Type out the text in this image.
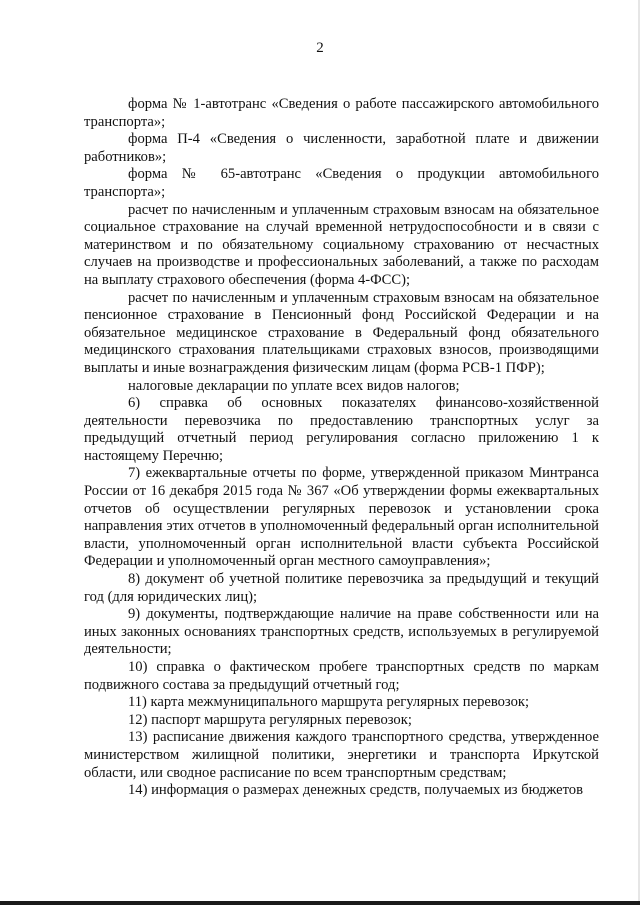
2

форма № 1-автотранс «Сведения о работе пассажирского автомобильного транспорта»;

форма П-4 «Сведения о численности, заработной плате и движении работников»;

форма № 65-автотранс «Сведения о продукции автомобильного транспорта»;

расчет по начисленным и уплаченным страховым взносам на обязательное социальное страхование на случай временной нетрудоспособности и в связи с материнством и по обязательному социальному страхованию от несчастных случаев на производстве и профессиональных заболеваний, а также по расходам на выплату страхового обеспечения (форма 4-ФСС);

расчет по начисленным и уплаченным страховым взносам на обязательное пенсионное страхование в Пенсионный фонд Российской Федерации и на обязательное медицинское страхование в Федеральный фонд обязательного медицинского страхования плательщиками страховых взносов, производящими выплаты и иные вознаграждения физическим лицам (форма РСВ-1 ПФР);

налоговые декларации по уплате всех видов налогов;

6) справка об основных показателях финансово-хозяйственной деятельности перевозчика по предоставлению транспортных услуг за предыдущий отчетный период регулирования согласно приложению 1 к настоящему Перечню;

7) ежеквартальные отчеты по форме, утвержденной приказом Минтранса России от 16 декабря 2015 года № 367 «Об утверждении формы ежеквартальных отчетов об осуществлении регулярных перевозок и установлении срока направления этих отчетов в уполномоченный федеральный орган исполнительной власти, уполномоченный орган исполнительной власти субъекта Российской Федерации и уполномоченный орган местного самоуправления»;

8) документ об учетной политике перевозчика за предыдущий и текущий год (для юридических лиц);

9) документы, подтверждающие наличие на праве собственности или на иных законных основаниях транспортных средств, используемых в регулируемой деятельности;

10) справка о фактическом пробеге транспортных средств по маркам подвижного состава за предыдущий отчетный год;

11) карта межмуниципального маршрута регулярных перевозок;

12) паспорт маршрута регулярных перевозок;

13) расписание движения каждого транспортного средства, утвержденное министерством жилищной политики, энергетики и транспорта Иркутской области, или сводное расписание по всем транспортным средствам;

14) информация о размерах денежных средств, получаемых из бюджетов
